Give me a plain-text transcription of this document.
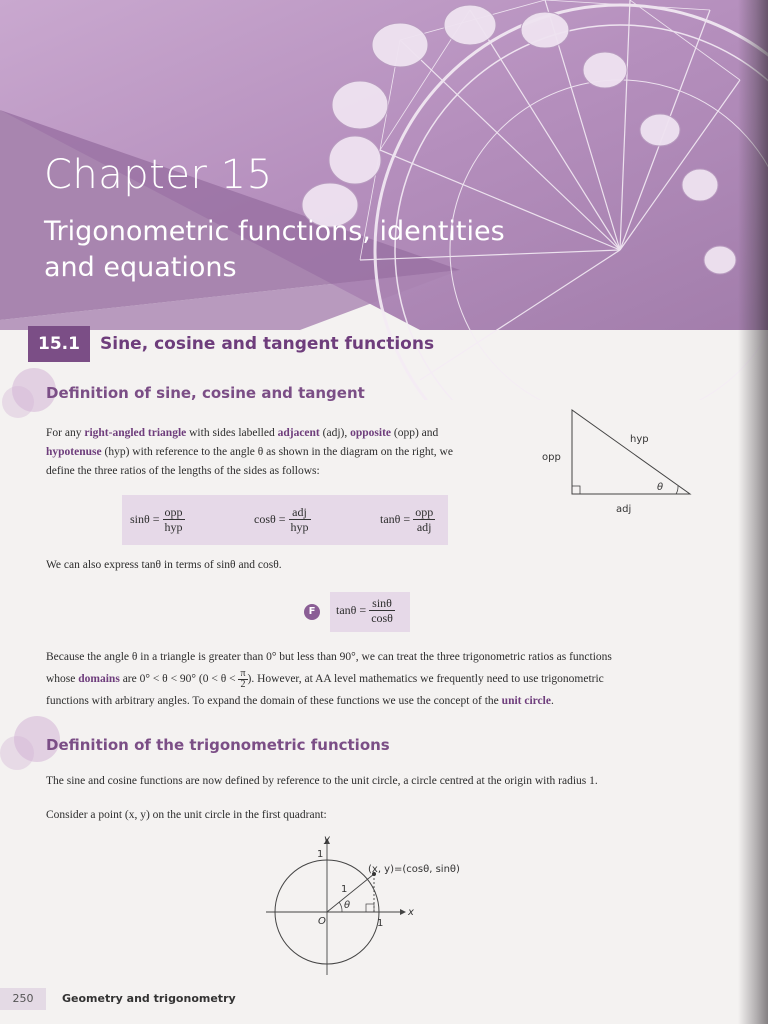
Chapter 15
Trigonometric functions, identities
and equations
15.1	Sine, cosine and tangent functions
Definition of sine, cosine and tangent

For any right-angled triangle with sides labelled adjacent (adj), opposite (opp) and
hypotenuse (hyp) with reference to the angle θ as shown in the diagram on the right, we
define the three ratios of the lengths of the sides as follows:

hyp
opp
adj
θ
$\sin\theta = \frac{\text{opp}}{\text{hyp}}$	$\cos\theta = \frac{\text{adj}}{\text{hyp}}$	$\tan\theta = \frac{\text{opp}}{\text{adj}}$

We can also express tanθ in terms of sinθ and cosθ.

F	$\tan\theta = \frac{\sin\theta}{\cos\theta}$

Because the angle θ in a triangle is greater than 0° but less than 90°, we can treat the three trigonometric ratios as functions
whose domains are 0° < θ < 90° ($0 < \theta < \frac{\pi}{2}$ ). However, at AA level mathematics we frequently need to use trigonometric
functions with arbitrary angles. To expand the domain of these functions we use the concept of the unit circle.

Definition of the trigonometric functions

The sine and cosine functions are now defined by reference to the unit circle, a circle centred at the origin with radius 1.

Consider a point (x, y) on the unit circle in the first quadrant:

y
x
1
1
1
O
θ
(x, y)=(cosθ, sinθ)
250	Geometry and trigonometry
